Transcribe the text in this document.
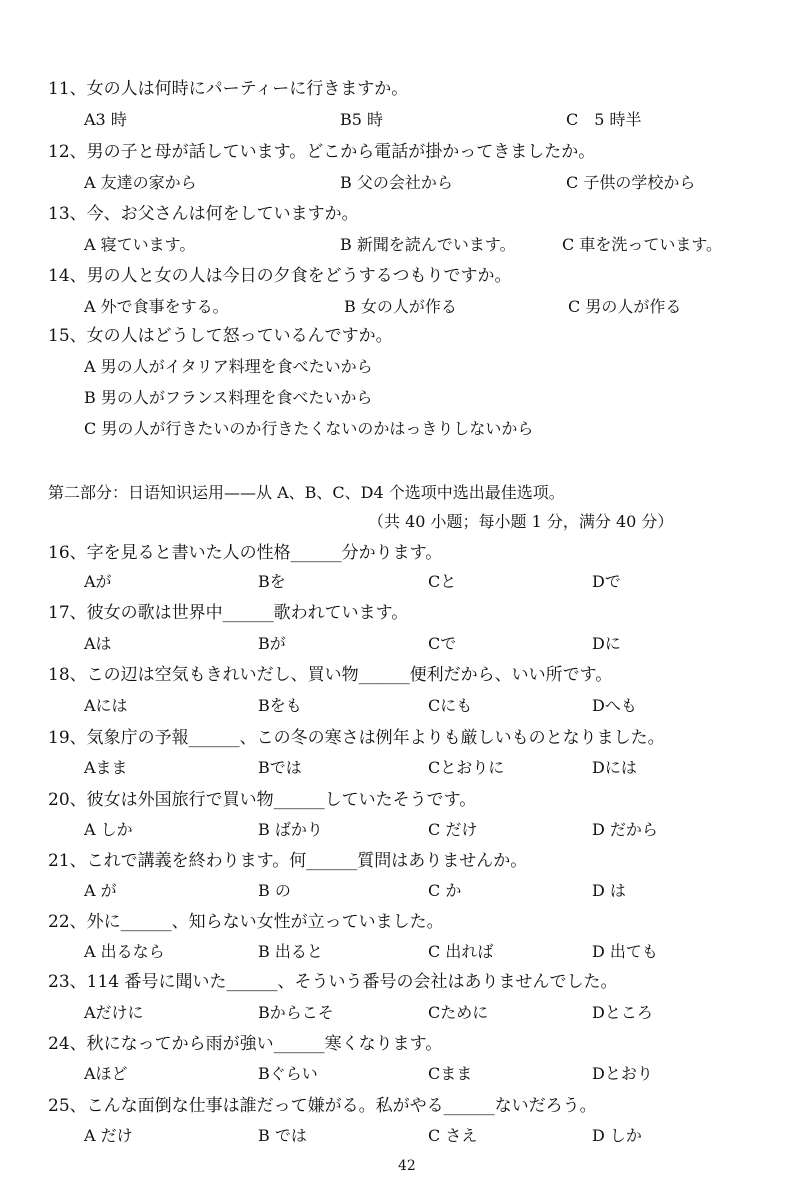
11、女の人は何時にパーティーに行きますか。
A3 時	B5 時	C　5 時半
12、男の子と母が話しています。どこから電話が掛かってきましたか。
A 友達の家から	B 父の会社から	C 子供の学校から
13、今、お父さんは何をしていますか。
A 寝ています。	B 新聞を読んでいます。	C 車を洗っています。
14、男の人と女の人は今日の夕食をどうするつもりですか。
A 外で食事をする。	B 女の人が作る	C 男の人が作る
15、女の人はどうして怒っているんですか。
A 男の人がイタリア料理を食べたいから
B 男の人がフランス料理を食べたいから
C 男の人が行きたいのか行きたくないのかはっきりしないから
第二部分：日语知识运用——从 A、B、C、D4 个选项中选出最佳选项。
（共 40 小题；每小题 1 分，满分 40 分）
16、字を見ると書いた人の性格______分かります。
Aが	Bを	Cと	Dで
17、彼女の歌は世界中______歌われています。
Aは	Bが	Cで	Dに
18、この辺は空気もきれいだし、買い物______便利だから、いい所です。
Aには	Bをも	Cにも	Dへも
19、気象庁の予報______、この冬の寒さは例年よりも厳しいものとなりました。
Aまま	Bでは	Cとおりに	Dには
20、彼女は外国旅行で買い物______していたそうです。
A しか	B ばかり	C だけ	D だから
21、これで講義を終わります。何______質問はありませんか。
A が	B の	C か	D は
22、外に______、知らない女性が立っていました。
A 出るなら	B 出ると	C 出れば	D 出ても
23、114 番号に聞いた______、そういう番号の会社はありませんでした。
Aだけに	Bからこそ	Cために	Dところ
24、秋になってから雨が強い______寒くなります。
Aほど	Bぐらい	Cまま	Dとおり
25、こんな面倒な仕事は誰だって嫌がる。私がやる______ないだろう。
A だけ	B では	C さえ	D しか
42
